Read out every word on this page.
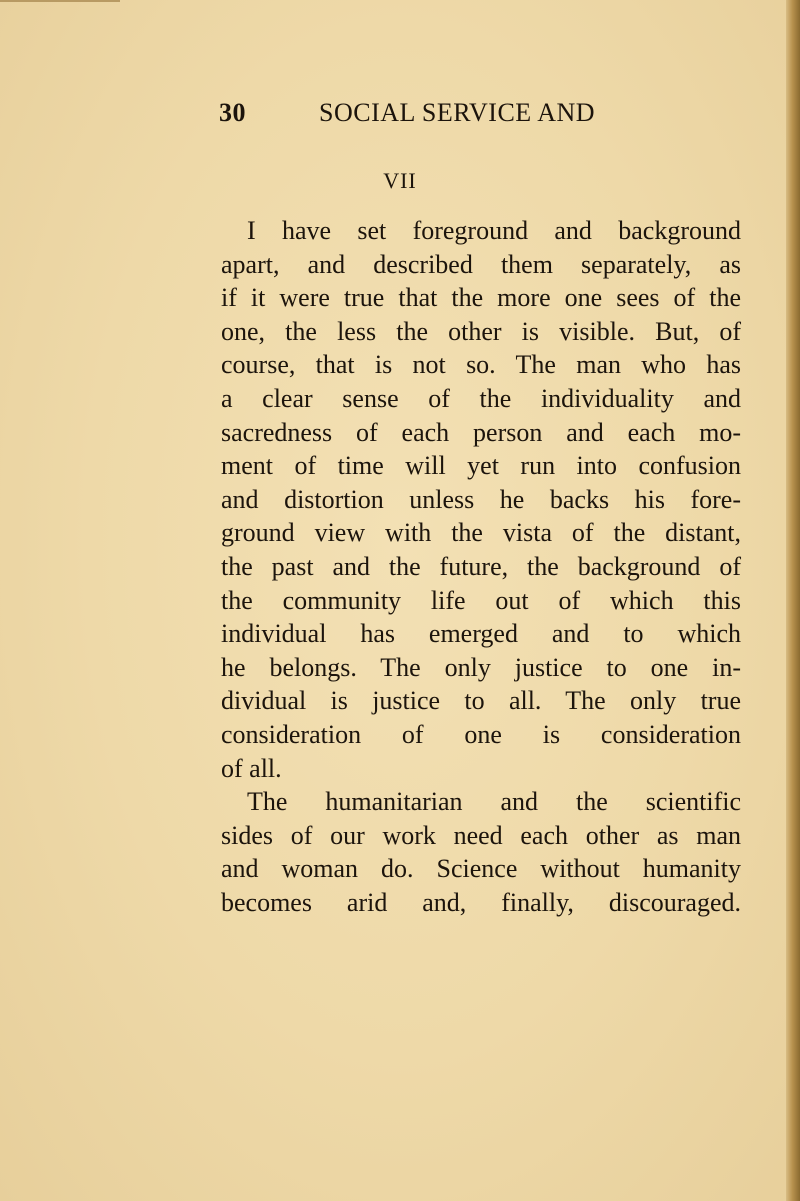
30	SOCIAL SERVICE AND
VII
I have set foreground and background
apart, and described them separately, as
if it were true that the more one sees of the
one, the less the other is visible. But, of
course, that is not so. The man who has
a clear sense of the individuality and
sacredness of each person and each mo-
ment of time will yet run into confusion
and distortion unless he backs his fore-
ground view with the vista of the distant,
the past and the future, the background of
the community life out of which this
individual has emerged and to which
he belongs. The only justice to one in-
dividual is justice to all. The only true
consideration of one is consideration
of all.
The humanitarian and the scientific
sides of our work need each other as man
and woman do. Science without humanity
becomes arid and, finally, discouraged.
